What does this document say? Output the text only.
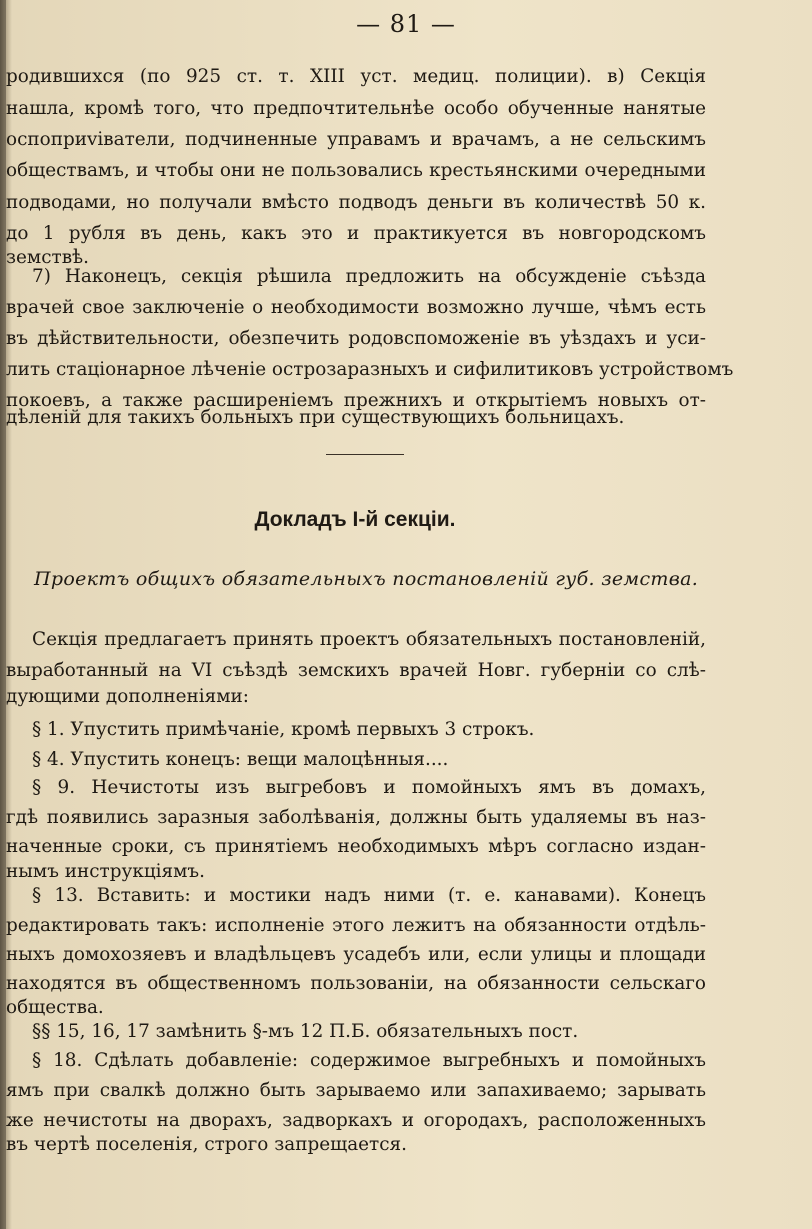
— 81 —
родившихся (по 925 ст. т. XIII уст. медиц. полиции). в) Секція
нашла, кромѣ того, что предпочтительнѣе особо обученные нанятые
оспоприviватели, подчиненные управамъ и врачамъ, а не сельскимъ
обществамъ, и чтобы они не пользовались крестьянскими очередными
подводами, но получали вмѣсто подводъ деньги въ количествѣ 50 к.
до 1 рубля въ день, какъ это и практикуется въ новгородскомъ
земствѣ.
7) Наконецъ, секція рѣшила предложить на обсужденіе съѣзда
врачей свое заключеніе о необходимости возможно лучше, чѣмъ есть
въ дѣйствительности, обезпечить родовспоможеніе въ уѣздахъ и уси-
лить стаціонарное лѣченіе острозаразныхъ и сифилитиковъ устройствомъ
покоевъ, а также расширеніемъ прежнихъ и открытіемъ новыхъ от-
дѣленій для такихъ больныхъ при существующихъ больницахъ.
Докладъ І-й секціи.
Проектъ общихъ обязательныхъ постановленій губ. земства.
Секція предлагаетъ принять проектъ обязательныхъ постановленій,
выработанный на VI съѣздѣ земскихъ врачей Новг. губерніи со слѣ-
дующими дополненіями:
§ 1. Упустить примѣчаніе, кромѣ первыхъ 3 строкъ.
§ 4. Упустить конецъ: вещи малоцѣнныя....
§ 9. Нечистоты изъ выгребовъ и помойныхъ ямъ въ домахъ,
гдѣ появились заразныя заболѣванія, должны быть удаляемы въ наз-
наченные сроки, съ принятіемъ необходимыхъ мѣръ согласно издан-
нымъ инструкціямъ.
§ 13. Вставить: и мостики надъ ними (т. е. канавами). Конецъ
редактировать такъ: исполненіе этого лежитъ на обязанности отдѣль-
ныхъ домохозяевъ и владѣльцевъ усадебъ или, если улицы и площади
находятся въ общественномъ пользованіи, на обязанности сельскаго
общества.
§§ 15, 16, 17 замѣнить §-мъ 12 П.Б. обязательныхъ пост.
§ 18. Сдѣлать добавленіе: содержимое выгребныхъ и помойныхъ
ямъ при свалкѣ должно быть зарываемо или запахиваемо; зарывать
же нечистоты на дворахъ, задворкахъ и огородахъ, расположенныхъ
въ чертѣ поселенія, строго запрещается.
